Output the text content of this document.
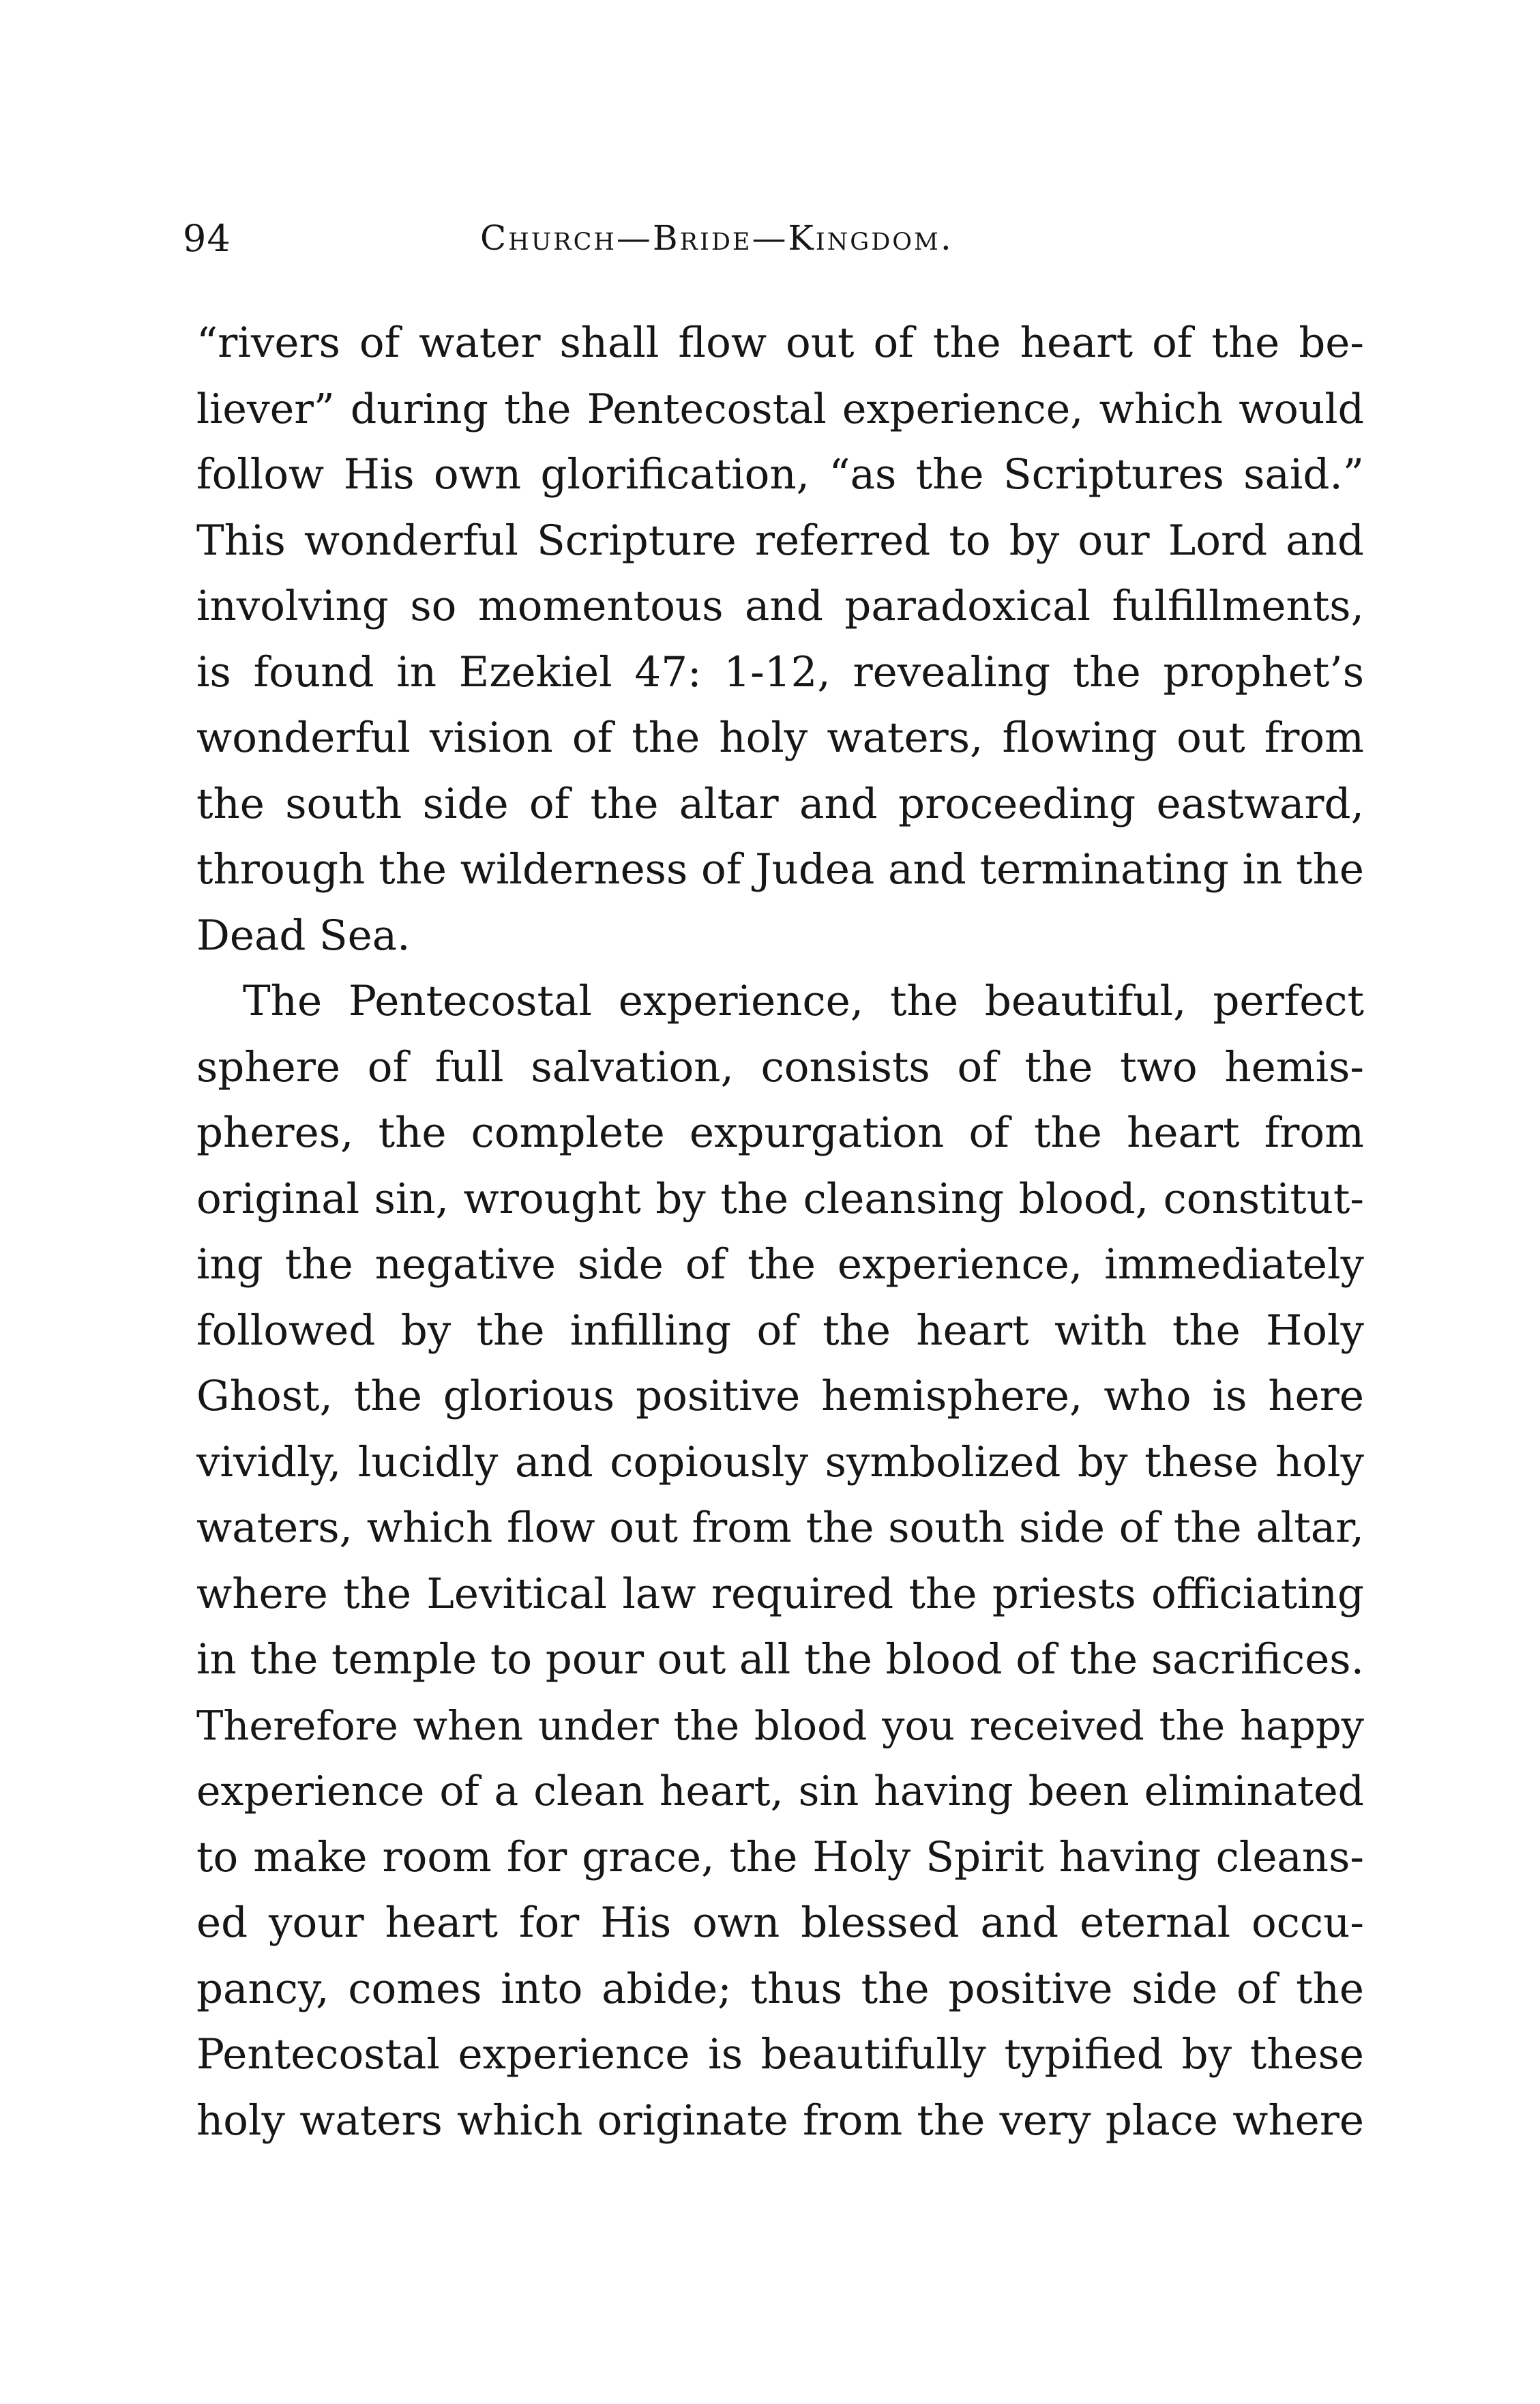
94	Church—Bride—Kingdom.
“rivers of water shall flow out of the heart of the be-
liever” during the Pentecostal experience, which would
follow His own glorification, “as the Scriptures said.”
This wonderful Scripture referred to by our Lord and
involving so momentous and paradoxical fulfillments,
is found in Ezekiel 47: 1-12, revealing the prophet’s
wonderful vision of the holy waters, flowing out from
the south side of the altar and proceeding eastward,
through the wilderness of Judea and terminating in the
Dead Sea.
The Pentecostal experience, the beautiful, perfect
sphere of full salvation, consists of the two hemis-
pheres, the complete expurgation of the heart from
original sin, wrought by the cleansing blood, constitut-
ing the negative side of the experience, immediately
followed by the infilling of the heart with the Holy
Ghost, the glorious positive hemisphere, who is here
vividly, lucidly and copiously symbolized by these holy
waters, which flow out from the south side of the altar,
where the Levitical law required the priests officiating
in the temple to pour out all the blood of the sacrifices.
Therefore when under the blood you received the happy
experience of a clean heart, sin having been eliminated
to make room for grace, the Holy Spirit having cleans-
ed your heart for His own blessed and eternal occu-
pancy, comes into abide; thus the positive side of the
Pentecostal experience is beautifully typified by these
holy waters which originate from the very place where
